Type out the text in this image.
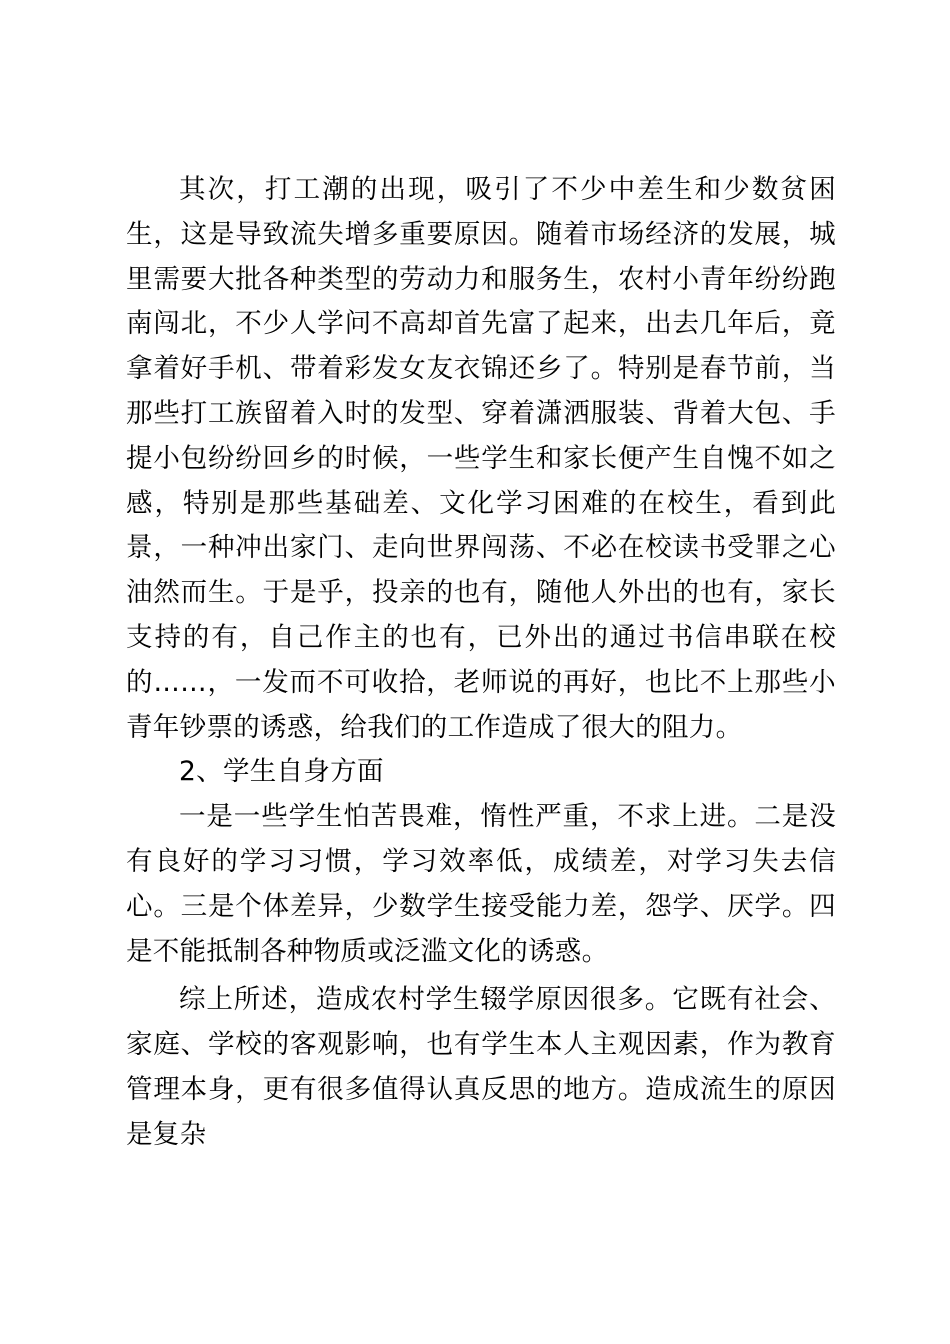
其次，打工潮的出现，吸引了不少中差生和少数贫困生，这是导致流失增多重要原因。随着市场经济的发展，城里需要大批各种类型的劳动力和服务生，农村小青年纷纷跑南闯北，不少人学问不高却首先富了起来，出去几年后，竟拿着好手机、带着彩发女友衣锦还乡了。特别是春节前，当那些打工族留着入时的发型、穿着潇洒服装、背着大包、手提小包纷纷回乡的时候，一些学生和家长便产生自愧不如之感，特别是那些基础差、文化学习困难的在校生，看到此景，一种冲出家门、走向世界闯荡、不必在校读书受罪之心油然而生。于是乎，投亲的也有，随他人外出的也有，家长支持的有，自己作主的也有，已外出的通过书信串联在校的……，一发而不可收拾，老师说的再好，也比不上那些小青年钞票的诱惑，给我们的工作造成了很大的阻力。

2、学生自身方面

一是一些学生怕苦畏难，惰性严重，不求上进。二是没有良好的学习习惯，学习效率低，成绩差，对学习失去信心。三是个体差异，少数学生接受能力差，怨学、厌学。四是不能抵制各种物质或泛滥文化的诱惑。

综上所述，造成农村学生辍学原因很多。它既有社会、家庭、学校的客观影响，也有学生本人主观因素，作为教育管理本身，更有很多值得认真反思的地方。造成流生的原因是复杂
